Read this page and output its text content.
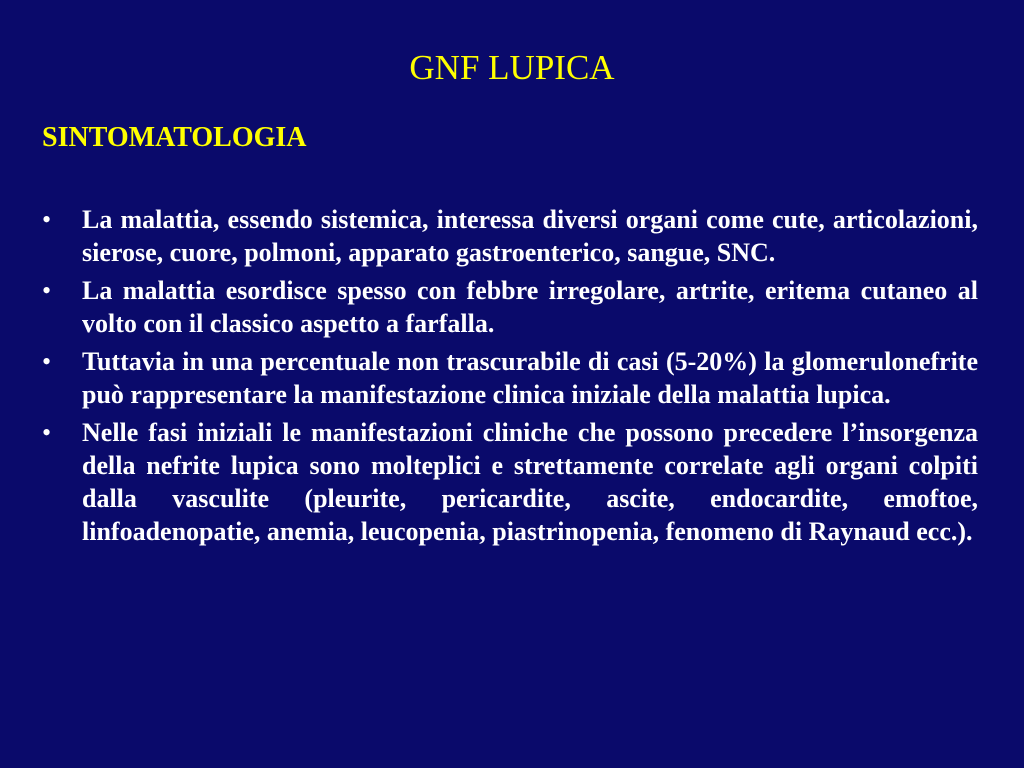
GNF LUPICA
SINTOMATOLOGIA
• La malattia, essendo sistemica, interessa diversi organi come cute, articolazioni, sierose, cuore, polmoni, apparato gastroenterico, sangue, SNC.
• La malattia esordisce spesso con febbre irregolare, artrite, eritema cutaneo al volto con il classico aspetto a farfalla.
• Tuttavia in una percentuale non trascurabile di casi (5-20%) la glomerulonefrite può rappresentare la manifestazione clinica iniziale della malattia lupica.
• Nelle fasi iniziali le manifestazioni cliniche che possono precedere l’insorgenza della nefrite lupica sono molteplici e strettamente correlate agli organi colpiti dalla vasculite (pleurite, pericardite, ascite, endocardite, emoftoe, linfoadenopatie, anemia, leucopenia, piastrinopenia, fenomeno di Raynaud ecc.).
